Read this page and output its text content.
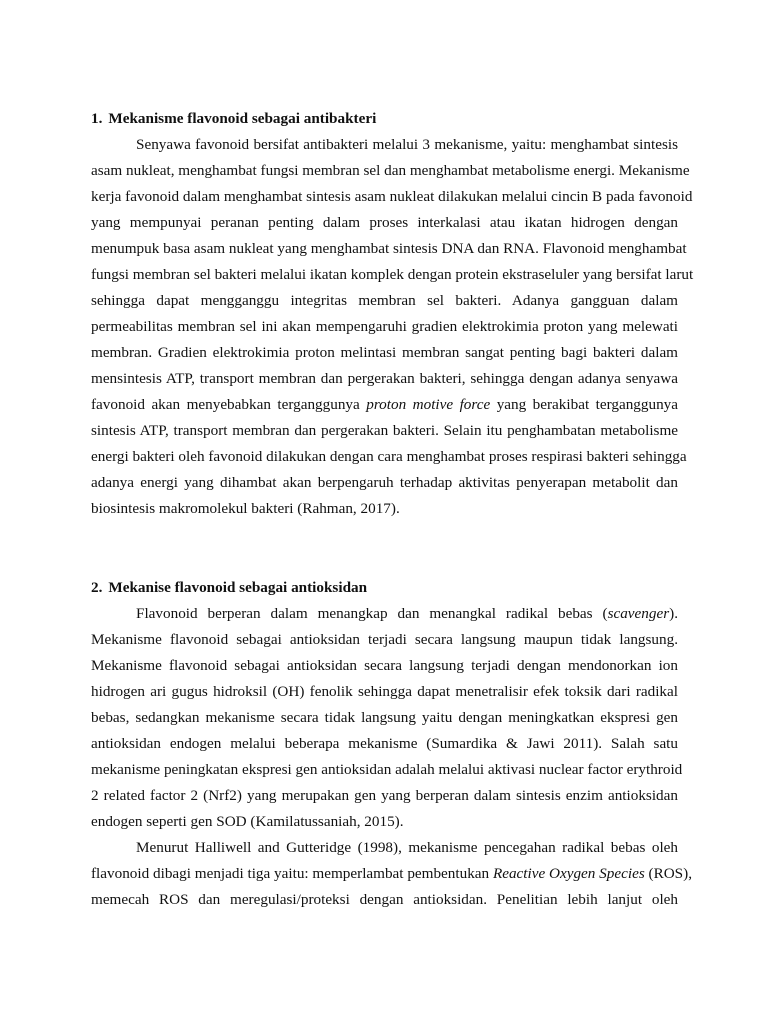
1. Mekanisme flavonoid sebagai antibakteri
Senyawa favonoid bersifat antibakteri melalui 3 mekanisme, yaitu: menghambat sintesis
asam nukleat, menghambat fungsi membran sel dan menghambat metabolisme energi. Mekanisme
kerja favonoid dalam menghambat sintesis asam nukleat dilakukan melalui cincin B pada favonoid
yang mempunyai peranan penting dalam proses interkalasi atau ikatan hidrogen dengan
menumpuk basa asam nukleat yang menghambat sintesis DNA dan RNA. Flavonoid menghambat
fungsi membran sel bakteri melalui ikatan komplek dengan protein ekstraseluler yang bersifat larut
sehingga dapat mengganggu integritas membran sel bakteri. Adanya gangguan dalam
permeabilitas membran sel ini akan mempengaruhi gradien elektrokimia proton yang melewati
membran. Gradien elektrokimia proton melintasi membran sangat penting bagi bakteri dalam
mensintesis ATP, transport membran dan pergerakan bakteri, sehingga dengan adanya senyawa
favonoid akan menyebabkan terganggunya proton motive force yang berakibat terganggunya
sintesis ATP, transport membran dan pergerakan bakteri. Selain itu penghambatan metabolisme
energi bakteri oleh favonoid dilakukan dengan cara menghambat proses respirasi bakteri sehingga
adanya energi yang dihambat akan berpengaruh terhadap aktivitas penyerapan metabolit dan
biosintesis makromolekul bakteri (Rahman, 2017).
2. Mekanise flavonoid sebagai antioksidan
Flavonoid berperan dalam menangkap dan menangkal radikal bebas (scavenger).
Mekanisme flavonoid sebagai antioksidan terjadi secara langsung maupun tidak langsung.
Mekanisme flavonoid sebagai antioksidan secara langsung terjadi dengan mendonorkan ion
hidrogen ari gugus hidroksil (OH) fenolik sehingga dapat menetralisir efek toksik dari radikal
bebas, sedangkan mekanisme secara tidak langsung yaitu dengan meningkatkan ekspresi gen
antioksidan endogen melalui beberapa mekanisme (Sumardika & Jawi 2011). Salah satu
mekanisme peningkatan ekspresi gen antioksidan adalah melalui aktivasi nuclear factor erythroid
2 related factor 2 (Nrf2) yang merupakan gen yang berperan dalam sintesis enzim antioksidan
endogen seperti gen SOD (Kamilatussaniah, 2015).
Menurut Halliwell and Gutteridge (1998), mekanisme pencegahan radikal bebas oleh
flavonoid dibagi menjadi tiga yaitu: memperlambat pembentukan Reactive Oxygen Species (ROS),
memecah ROS dan meregulasi/proteksi dengan antioksidan. Penelitian lebih lanjut oleh
